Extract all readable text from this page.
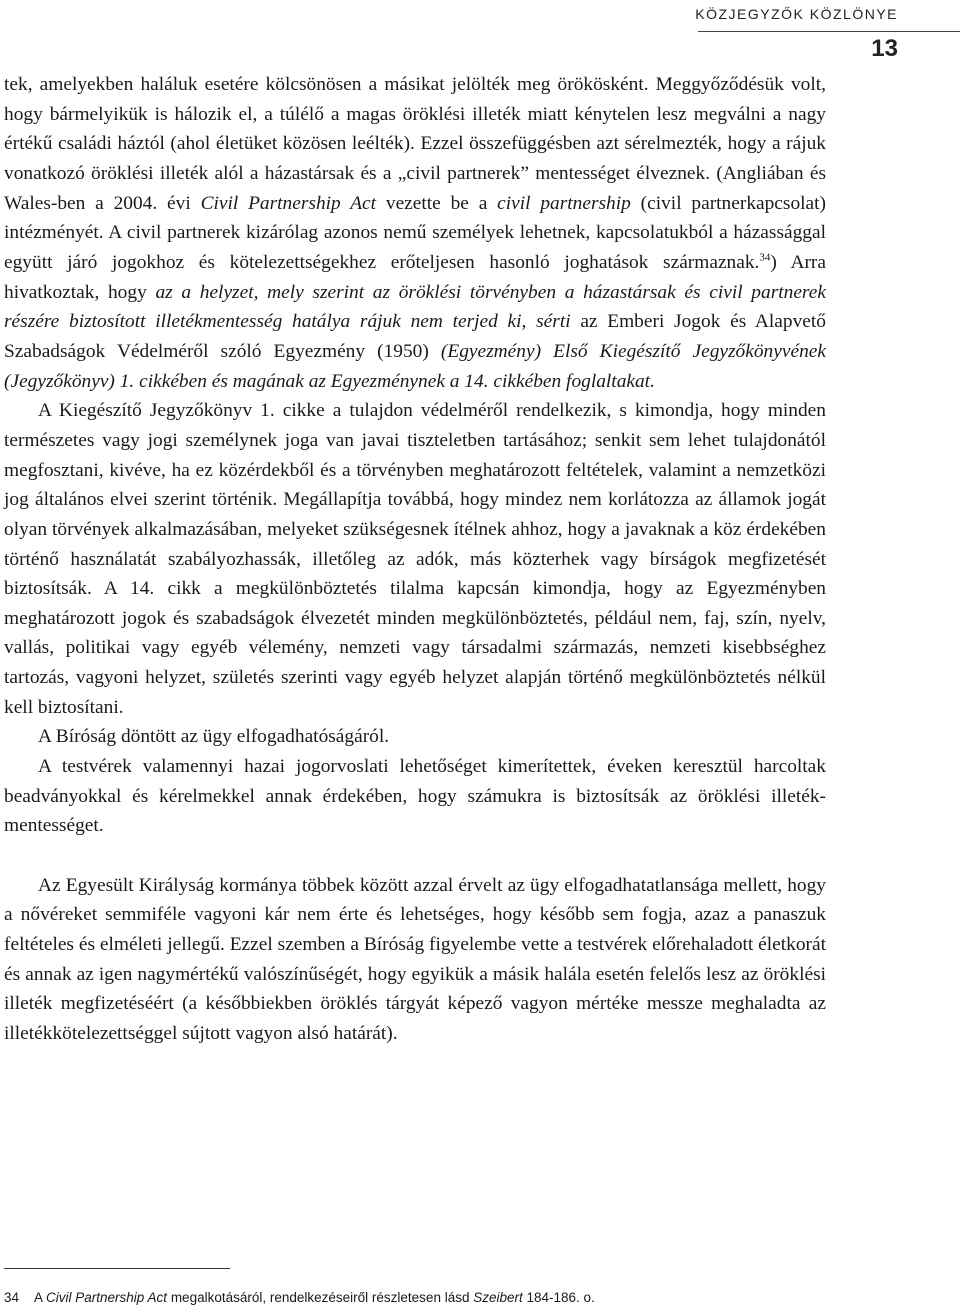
KÖZJEGYZŐK KÖZLÖNYE
13

tek, amelyekben haláluk esetére kölcsönösen a másikat jelölték meg örökösként. Meggyőződésük volt, hogy bármelyikük is hálozik el, a túlélő a magas öröklési illeték miatt kénytelen lesz megválni a nagy értékű családi háztól (ahol életüket közösen leélték). Ezzel összefüggésben azt sérelmezték, hogy a rájuk vonatkozó öröklési illeték alól a házastársak és a „civil partnerek” mentességet élveznek. (Angliában és Wales-ben a 2004. évi Civil Partnership Act vezette be a civil partnership (civil partnerkapcsolat) intézményét. A civil partnerek kizárólag azonos nemű személyek lehetnek, kapcsolatukból a házassággal együtt járó jogokhoz és kötelezettségekhez erőteljesen hasonló joghatások származnak.$^{34}$) Arra hivatkoztak, hogy az a helyzet, mely szerint az öröklési törvényben a házastársak és civil partnerek részére biztosított illetékmentesség hatálya rájuk nem terjed ki, sérti az Emberi Jogok és Alapvető Szabadságok Védelméről szóló Egyezmény (1950) (Egyezmény) Első Kiegészítő Jegyzőkönyvének (Jegyzőkönyv) 1. cikkében és magának az Egyezménynek a 14. cikkében foglaltakat.

A Kiegészítő Jegyzőkönyv 1. cikke a tulajdon védelméről rendelkezik, s kimondja, hogy minden természetes vagy jogi személynek joga van javai tiszteletben tartásához; senkit sem lehet tulajdonától megfosztani, kivéve, ha ez közérdekből és a törvényben meghatározott feltételek, valamint a nemzetközi jog általános elvei szerint történik. Megállapítja továbbá, hogy mindez nem korlátozza az államok jogát olyan törvények alkalmazásában, melyeket szükségesnek ítélnek ahhoz, hogy a javaknak a köz érdekében történő használatát szabályozhassák, illetőleg az adók, más közterhek vagy bírságok megfizetését biztosítsák. A 14. cikk a megkülönböztetés tilalma kapcsán kimondja, hogy az Egyezményben meghatározott jogok és szabadságok élvezetét minden megkülönböztetés, például nem, faj, szín, nyelv, vallás, politikai vagy egyéb vélemény, nemzeti vagy társadalmi származás, nemzeti kisebbséghez tartozás, vagyoni helyzet, születés szerinti vagy egyéb helyzet alapján történő megkülönböztetés nélkül kell biztosítani.

A Bíróság döntött az ügy elfogadhatóságáról.

A testvérek valamennyi hazai jogorvoslati lehetőséget kimerítettek, éveken keresztül harcoltak beadványokkal és kérelmekkel annak érdekében, hogy számukra is biztosítsák az öröklési illeték-mentességet.

Az Egyesült Királyság kormánya többek között azzal érvelt az ügy elfogadhatatlansága mellett, hogy a nővéreket semmiféle vagyoni kár nem érte és lehetséges, hogy később sem fogja, azaz a panaszuk feltételes és elméleti jellegű. Ezzel szemben a Bíróság figyelembe vette a testvérek előrehaladott életkorát és annak az igen nagymértékű valószínűségét, hogy egyikük a másik halála esetén felelős lesz az öröklési illeték megfizetéséért (a későbbiekben öröklés tárgyát képező vagyon mértéke messze meghaladta az illetékkötelezettséggel sújtott vagyon alsó határát).

34 A Civil Partnership Act megalkotásáról, rendelkezéseiről részletesen lásd Szeibert 184-186. o.
